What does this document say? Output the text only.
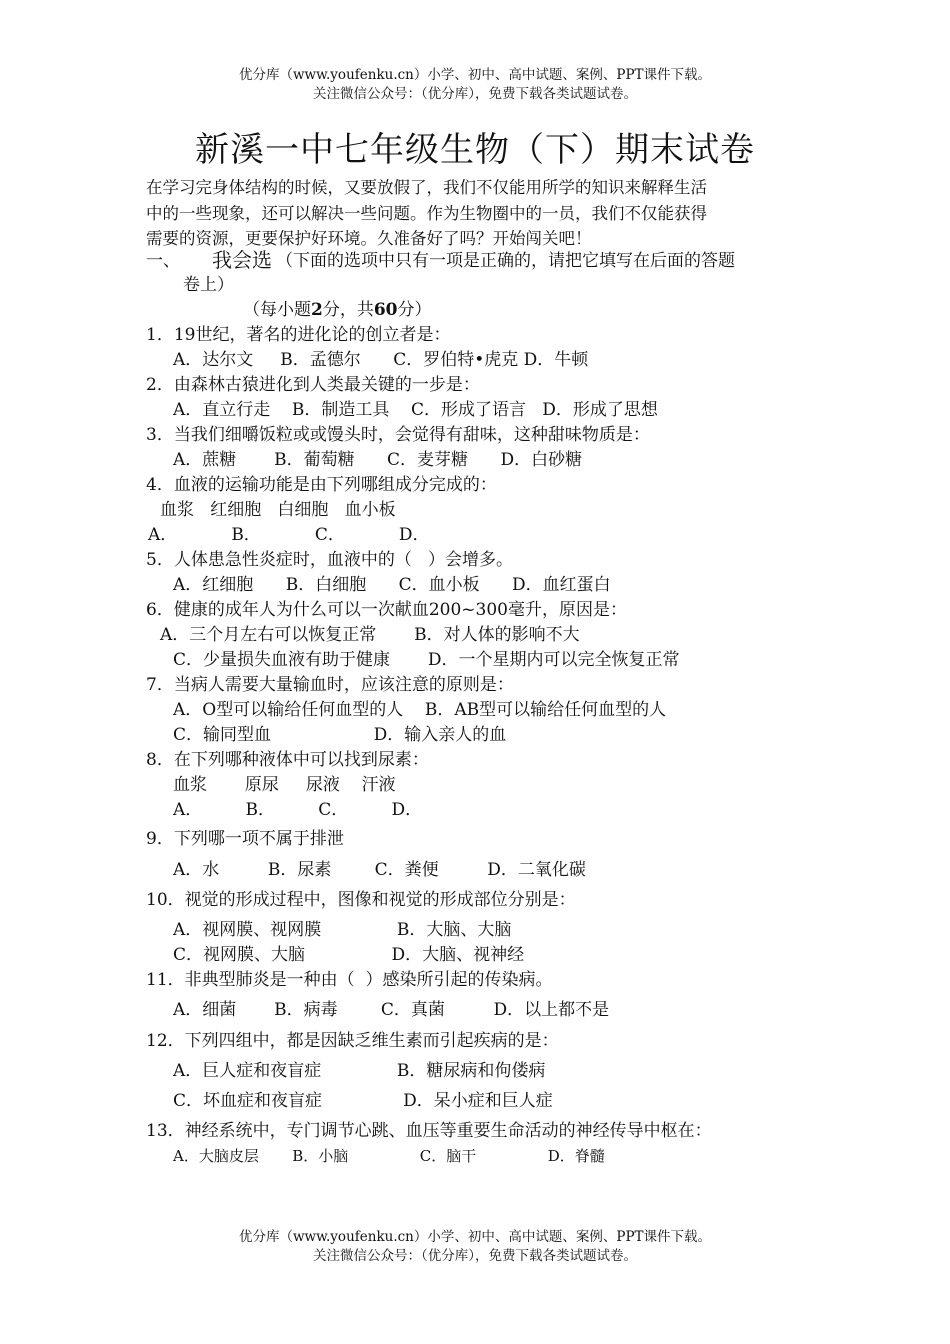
优分库（www.youfenku.cn）小学、初中、高中试题、案例、PPT课件下载。
关注微信公众号：（优分库），免费下载各类试题试卷。
新溪一中七年级生物（下）期末试卷
在学习完身体结构的时候，又要放假了，我们不仅能用所学的知识来解释生活
中的一些现象，还可以解决一些问题。作为生物圈中的一员，我们不仅能获得
需要的资源，更要保护好环境。久准备好了吗？开始闯关吧！
一、 我会选 （下面的选项中只有一项是正确的，请把它填写在后面的答题
卷上）
（每小题2分，共60分）
1．19世纪，著名的进化论的创立者是：
A．达尔文     B．孟德尔      C．罗伯特•虎克 D．牛顿
2．由森林古猿进化到人类最关键的一步是：
A．直立行走    B．制造工具    C．形成了语言   D．形成了思想
3．当我们细嚼饭粒或或馒头时，会觉得有甜味，这种甜味物质是：
A．蔗糖       B．葡萄糖      C．麦芽糖      D．白砂糖
4．血液的运输功能是由下列哪组成分完成的：
血浆   红细胞   白细胞   血小板
A．          B．          C．          D．
5．人体患急性炎症时，血液中的（   ）会增多。
A．红细胞      B．白细胞      C．血小板      D．血红蛋白
6．健康的成年人为什么可以一次献血200~300毫升，原因是：
A．三个月左右可以恢复正常       B．对人体的影响不大
C．少量损失血液有助于健康       D．一个星期内可以完全恢复正常
7．当病人需要大量输血时，应该注意的原则是：
A．O型可以输给任何血型的人    B．AB型可以输给任何血型的人
C．输同型血                   D．输入亲人的血
8．在下列哪种液体中可以找到尿素：
血浆       原尿     尿液    汗液
A．        B．        C．        D．
9．下列哪一项不属于排泄
A．水         B．尿素        C．粪便         D．二氧化碳
10．视觉的形成过程中，图像和视觉的形成部位分别是：
A．视网膜、视网膜              B．大脑、大脑
C．视网膜、大脑                D．大脑、视神经
11．非典型肺炎是一种由（  ）感染所引起的传染病。
A．细菌       B．病毒        C．真菌         D．以上都不是
12．下列四组中，都是因缺乏维生素而引起疾病的是：
A．巨人症和夜盲症              B．糖尿病和佝偻病
C．坏血症和夜盲症               D．呆小症和巨人症
13．神经系统中，专门调节心跳、血压等重要生命活动的神经传导中枢在：
A．大脑皮层       B．小脑               C．脑干               D．脊髓
优分库（www.youfenku.cn）小学、初中、高中试题、案例、PPT课件下载。
关注微信公众号：（优分库），免费下载各类试题试卷。
